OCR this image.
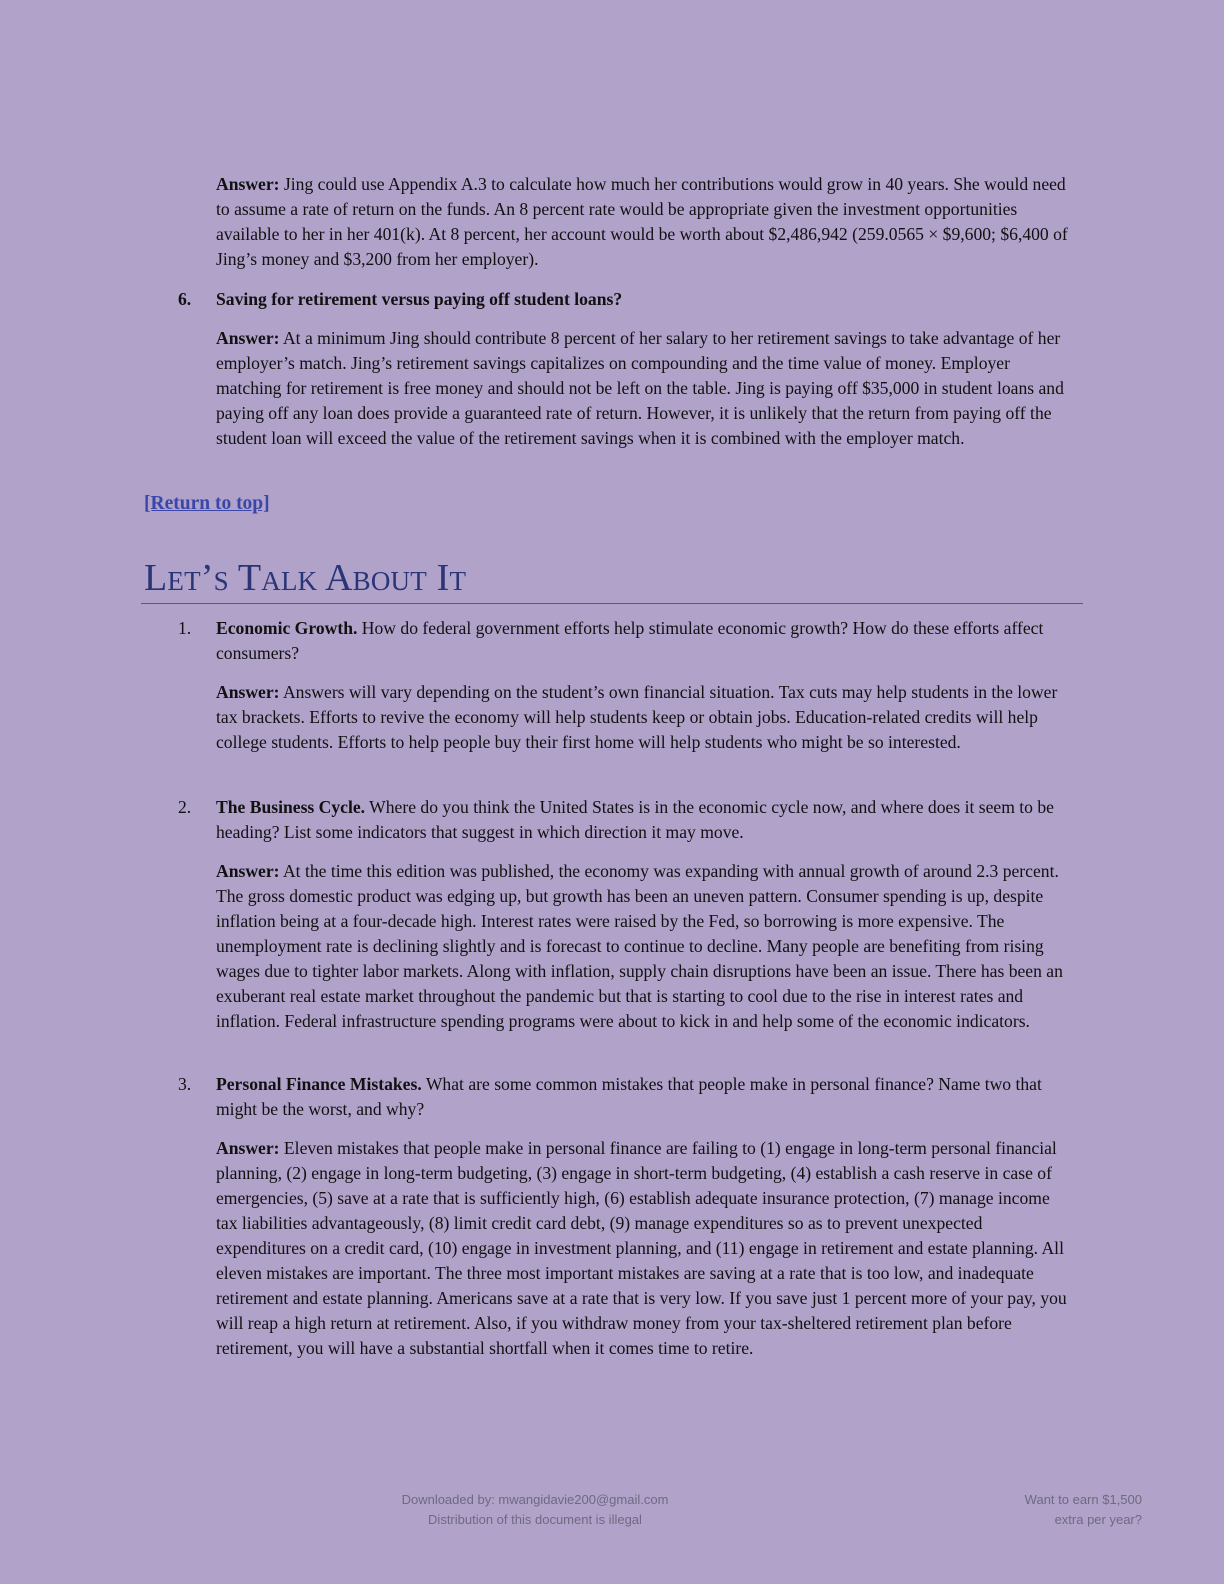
Answer: Jing could use Appendix A.3 to calculate how much her contributions would grow in 40 years. She would need to assume a rate of return on the funds. An 8 percent rate would be appropriate given the investment opportunities available to her in her 401(k). At 8 percent, her account would be worth about $2,486,942 (259.0565 × $9,600; $6,400 of Jing’s money and $3,200 from her employer).

6. Saving for retirement versus paying off student loans?

Answer: At a minimum Jing should contribute 8 percent of her salary to her retirement savings to take advantage of her employer’s match. Jing’s retirement savings capitalizes on compounding and the time value of money. Employer matching for retirement is free money and should not be left on the table. Jing is paying off $35,000 in student loans and paying off any loan does provide a guaranteed rate of return. However, it is unlikely that the return from paying off the student loan will exceed the value of the retirement savings when it is combined with the employer match.

[Return to top]
Let’s Talk About It
1. Economic Growth. How do federal government efforts help stimulate economic growth? How do these efforts affect consumers?

Answer: Answers will vary depending on the student’s own financial situation. Tax cuts may help students in the lower tax brackets. Efforts to revive the economy will help students keep or obtain jobs. Education-related credits will help college students. Efforts to help people buy their first home will help students who might be so interested.

2. The Business Cycle. Where do you think the United States is in the economic cycle now, and where does it seem to be heading? List some indicators that suggest in which direction it may move.

Answer: At the time this edition was published, the economy was expanding with annual growth of around 2.3 percent. The gross domestic product was edging up, but growth has been an uneven pattern. Consumer spending is up, despite inflation being at a four-decade high. Interest rates were raised by the Fed, so borrowing is more expensive. The unemployment rate is declining slightly and is forecast to continue to decline. Many people are benefiting from rising wages due to tighter labor markets. Along with inflation, supply chain disruptions have been an issue. There has been an exuberant real estate market throughout the pandemic but that is starting to cool due to the rise in interest rates and inflation. Federal infrastructure spending programs were about to kick in and help some of the economic indicators.

3. Personal Finance Mistakes. What are some common mistakes that people make in personal finance? Name two that might be the worst, and why?

Answer: Eleven mistakes that people make in personal finance are failing to (1) engage in long-term personal financial planning, (2) engage in long-term budgeting, (3) engage in short-term budgeting, (4) establish a cash reserve in case of emergencies, (5) save at a rate that is sufficiently high, (6) establish adequate insurance protection, (7) manage income tax liabilities advantageously, (8) limit credit card debt, (9) manage expenditures so as to prevent unexpected expenditures on a credit card, (10) engage in investment planning, and (11) engage in retirement and estate planning. All eleven mistakes are important. The three most important mistakes are saving at a rate that is too low, and inadequate retirement and estate planning. Americans save at a rate that is very low. If you save just 1 percent more of your pay, you will reap a high return at retirement. Also, if you withdraw money from your tax-sheltered retirement plan before retirement, you will have a substantial shortfall when it comes time to retire.

Downloaded by: mwangidavie200@gmail.com
Distribution of this document is illegal
Want to earn $1,500
extra per year?
